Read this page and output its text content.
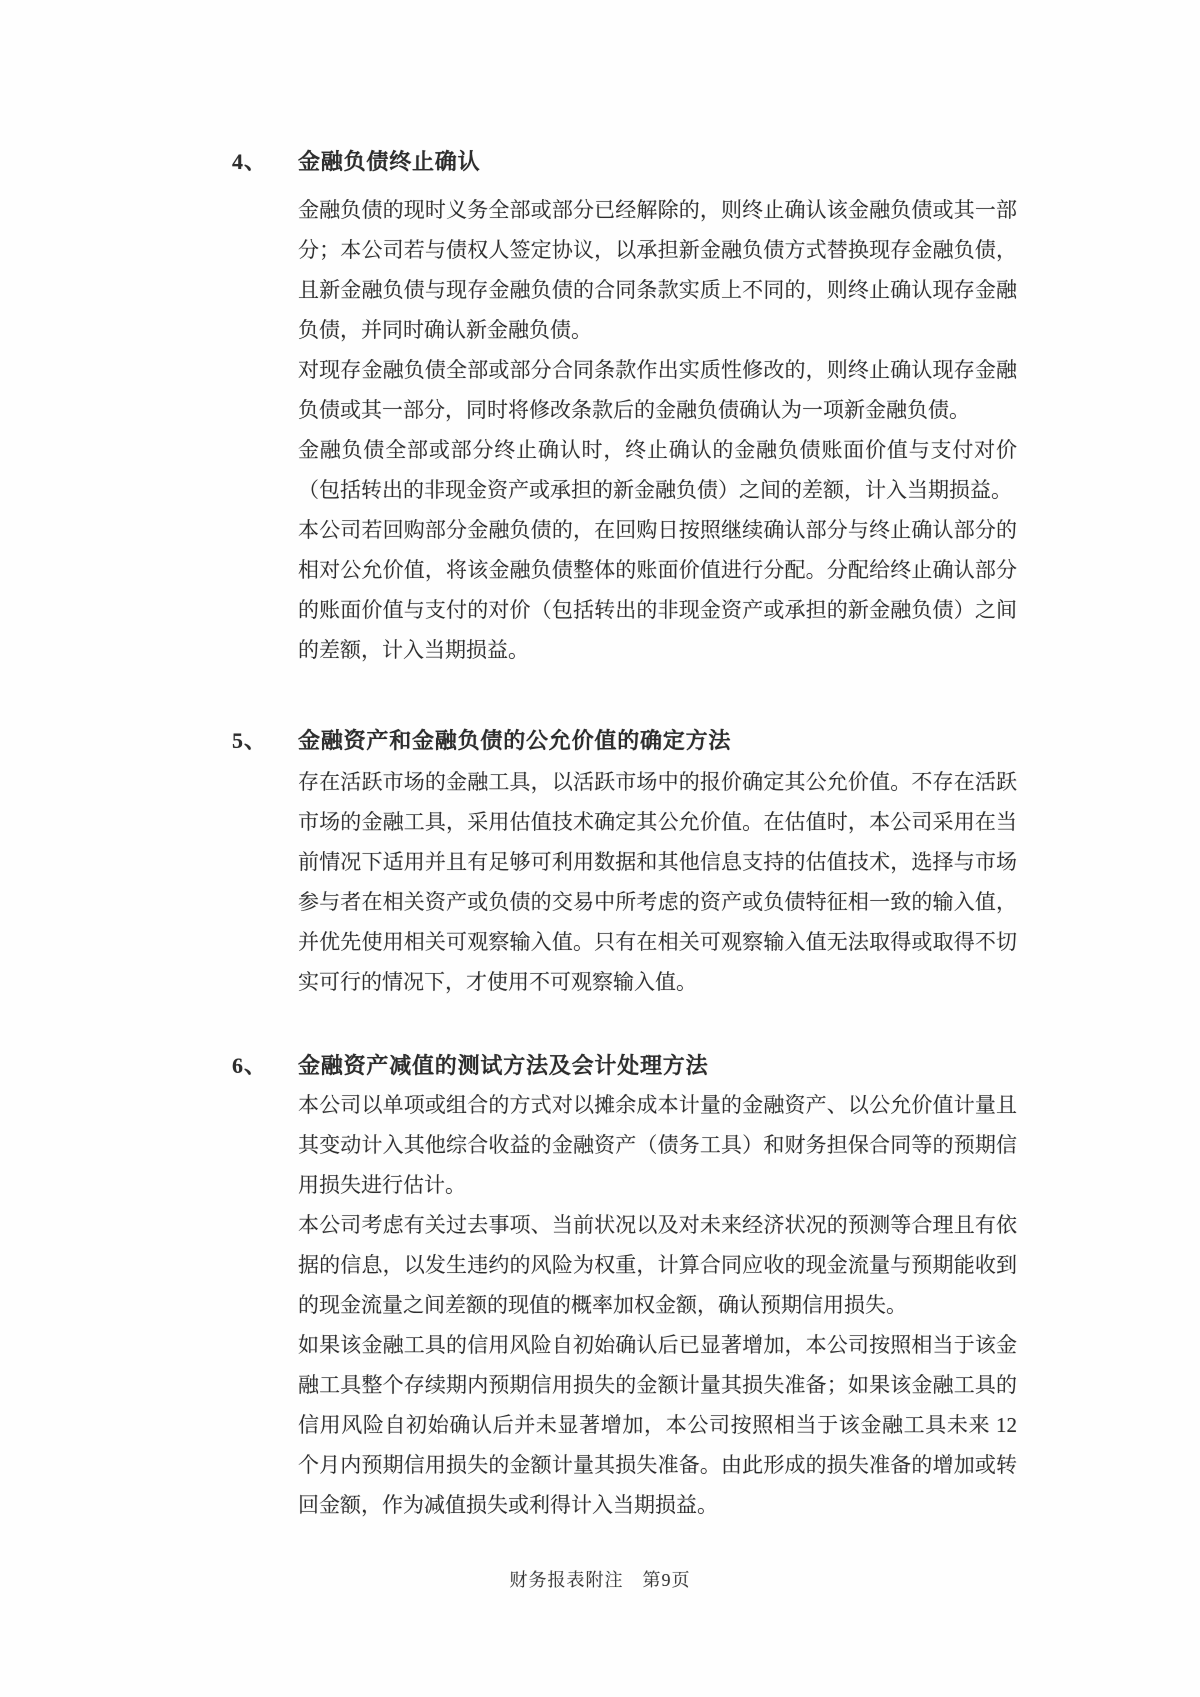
4、	金融负债终止确认

金融负债的现时义务全部或部分已经解除的，则终止确认该金融负债或其一部分；本公司若与债权人签定协议，以承担新金融负债方式替换现存金融负债，且新金融负债与现存金融负债的合同条款实质上不同的，则终止确认现存金融负债，并同时确认新金融负债。

对现存金融负债全部或部分合同条款作出实质性修改的，则终止确认现存金融负债或其一部分，同时将修改条款后的金融负债确认为一项新金融负债。

金融负债全部或部分终止确认时，终止确认的金融负债账面价值与支付对价（包括转出的非现金资产或承担的新金融负债）之间的差额，计入当期损益。

本公司若回购部分金融负债的，在回购日按照继续确认部分与终止确认部分的相对公允价值，将该金融负债整体的账面价值进行分配。分配给终止确认部分的账面价值与支付的对价（包括转出的非现金资产或承担的新金融负债）之间的差额，计入当期损益。

5、	金融资产和金融负债的公允价值的确定方法

存在活跃市场的金融工具，以活跃市场中的报价确定其公允价值。不存在活跃市场的金融工具，采用估值技术确定其公允价值。在估值时，本公司采用在当前情况下适用并且有足够可利用数据和其他信息支持的估值技术，选择与市场参与者在相关资产或负债的交易中所考虑的资产或负债特征相一致的输入值，并优先使用相关可观察输入值。只有在相关可观察输入值无法取得或取得不切实可行的情况下，才使用不可观察输入值。

6、	金融资产减值的测试方法及会计处理方法

本公司以单项或组合的方式对以摊余成本计量的金融资产、以公允价值计量且其变动计入其他综合收益的金融资产（债务工具）和财务担保合同等的预期信用损失进行估计。

本公司考虑有关过去事项、当前状况以及对未来经济状况的预测等合理且有依据的信息，以发生违约的风险为权重，计算合同应收的现金流量与预期能收到的现金流量之间差额的现值的概率加权金额，确认预期信用损失。

如果该金融工具的信用风险自初始确认后已显著增加，本公司按照相当于该金融工具整个存续期内预期信用损失的金额计量其损失准备；如果该金融工具的信用风险自初始确认后并未显著增加，本公司按照相当于该金融工具未来 12 个月内预期信用损失的金额计量其损失准备。由此形成的损失准备的增加或转回金额，作为减值损失或利得计入当期损益。

财务报表附注　第9页
